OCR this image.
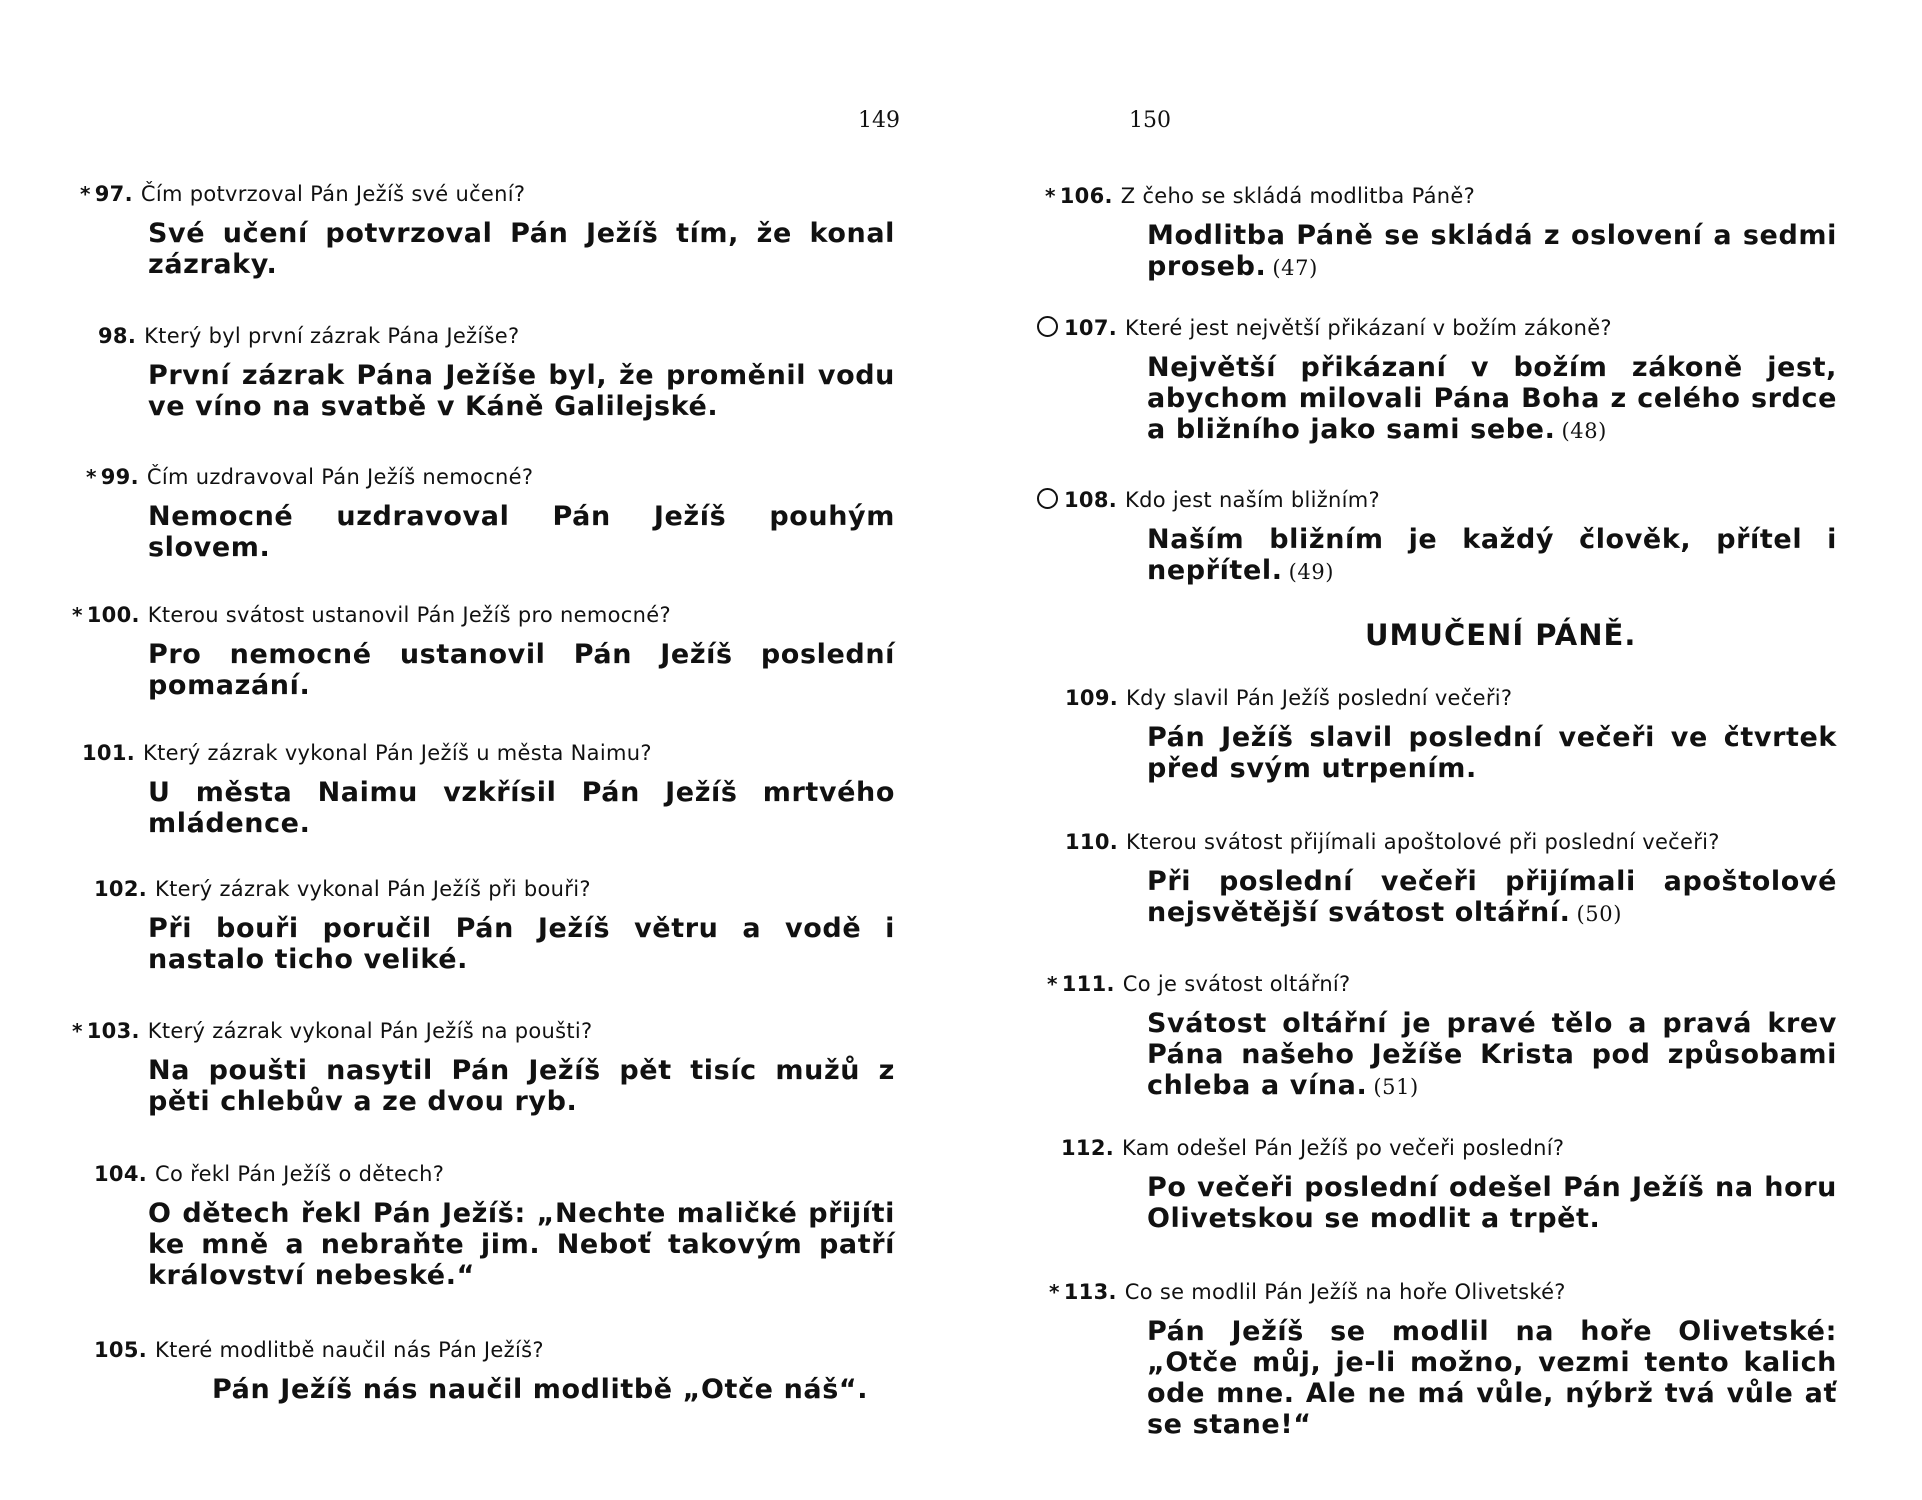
149
* 97. Čím potvrzoval Pán Ježíš své učení?
Své učení potvrzoval Pán Ježíš tím, že konal zázraky.
98. Který byl první zázrak Pána Ježíše?
První zázrak Pána Ježíše byl, že proměnil vodu ve víno na svatbě v Káně Galilejské.
* 99. Čím uzdravoval Pán Ježíš nemocné?
Nemocné uzdravoval Pán Ježíš pouhým slovem.
* 100. Kterou svátost ustanovil Pán Ježíš pro nemocné?
Pro nemocné ustanovil Pán Ježíš poslední pomazání.
101. Který zázrak vykonal Pán Ježíš u města Naimu?
U města Naimu vzkřísil Pán Ježíš mrtvého mládence.
102. Který zázrak vykonal Pán Ježíš při bouři?
Při bouři poručil Pán Ježíš větru a vodě i nastalo ticho veliké.
* 103. Který zázrak vykonal Pán Ježíš na poušti?
Na poušti nasytil Pán Ježíš pět tisíc mužů z pěti chlebův a ze dvou ryb.
104. Co řekl Pán Ježíš o dětech?
O dětech řekl Pán Ježíš: „Nechte maličké přijíti ke mně a nebraňte jim. Neboť takovým patří království nebeské.“
105. Které modlitbě naučil nás Pán Ježíš?
Pán Ježíš nás naučil modlitbě „Otče náš“.
150
* 106. Z čeho se skládá modlitba Páně?
Modlitba Páně se skládá z oslovení a sedmi proseb. (47)
107. Které jest největší přikázaní v božím zákoně?
Největší přikázaní v božím zákoně jest, abychom milovali Pána Boha z celého srdce a bližního jako sami sebe. (48)
108. Kdo jest naším bližním?
Naším bližním je každý člověk, přítel i nepřítel. (49)
UMUČENÍ PÁNĚ.
109. Kdy slavil Pán Ježíš poslední večeři?
Pán Ježíš slavil poslední večeři ve čtvrtek před svým utrpením.
110. Kterou svátost přijímali apoštolové při poslední večeři?
Při poslední večeři přijímali apoštolové nejsvětější svátost oltářní. (50)
* 111. Co je svátost oltářní?
Svátost oltářní je pravé tělo a pravá krev Pána našeho Ježíše Krista pod způsobami chleba a vína. (51)
112. Kam odešel Pán Ježíš po večeři poslední?
Po večeři poslední odešel Pán Ježíš na horu Olivetskou se modlit a trpět.
* 113. Co se modlil Pán Ježíš na hoře Olivetské?
Pán Ježíš se modlil na hoře Olivetské: „Otče můj, je-li možno, vezmi tento kalich ode mne. Ale ne má vůle, nýbrž tvá vůle ať se stane!“
